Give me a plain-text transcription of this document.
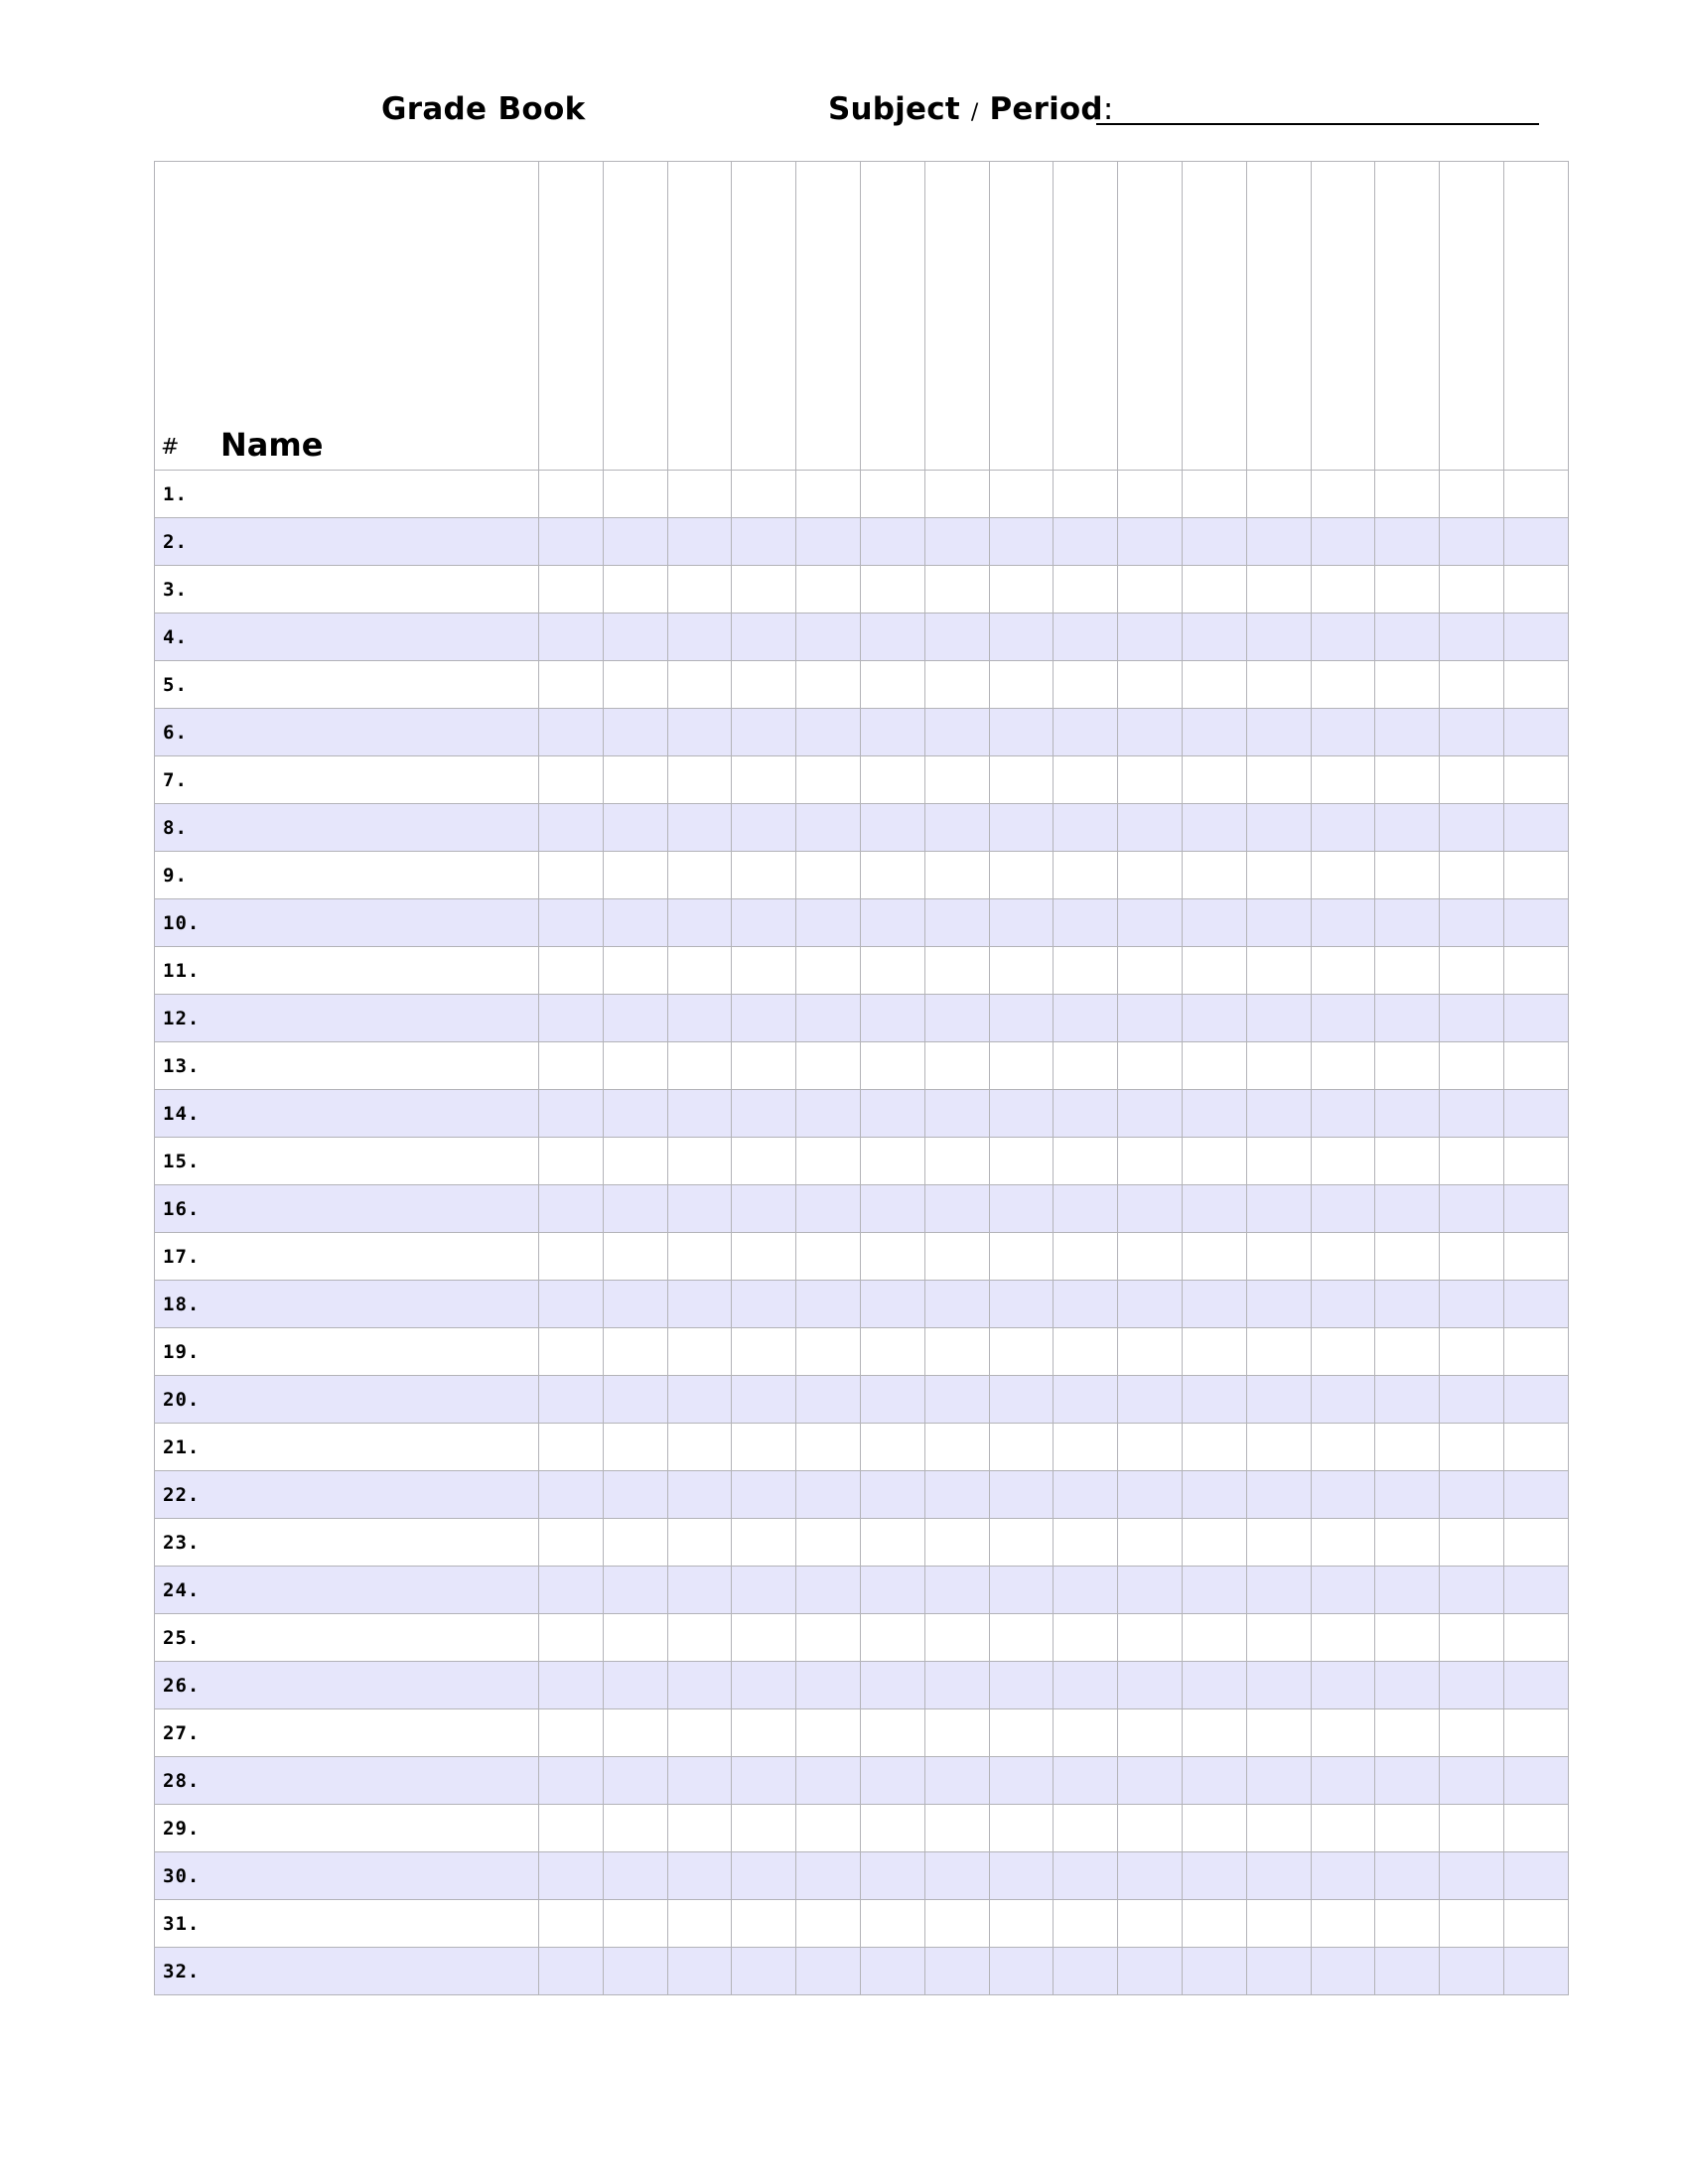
Grade Book	Subject / Period:
# Name																

1.																
2.																
3.																
4.																
5.																
6.																
7.																
8.																
9.																
10.																
11.																
12.																
13.																
14.																
15.																
16.																
17.																
18.																
19.																
20.																
21.																
22.																
23.																
24.																
25.																
26.																
27.																
28.																
29.																
30.																
31.																
32.																
